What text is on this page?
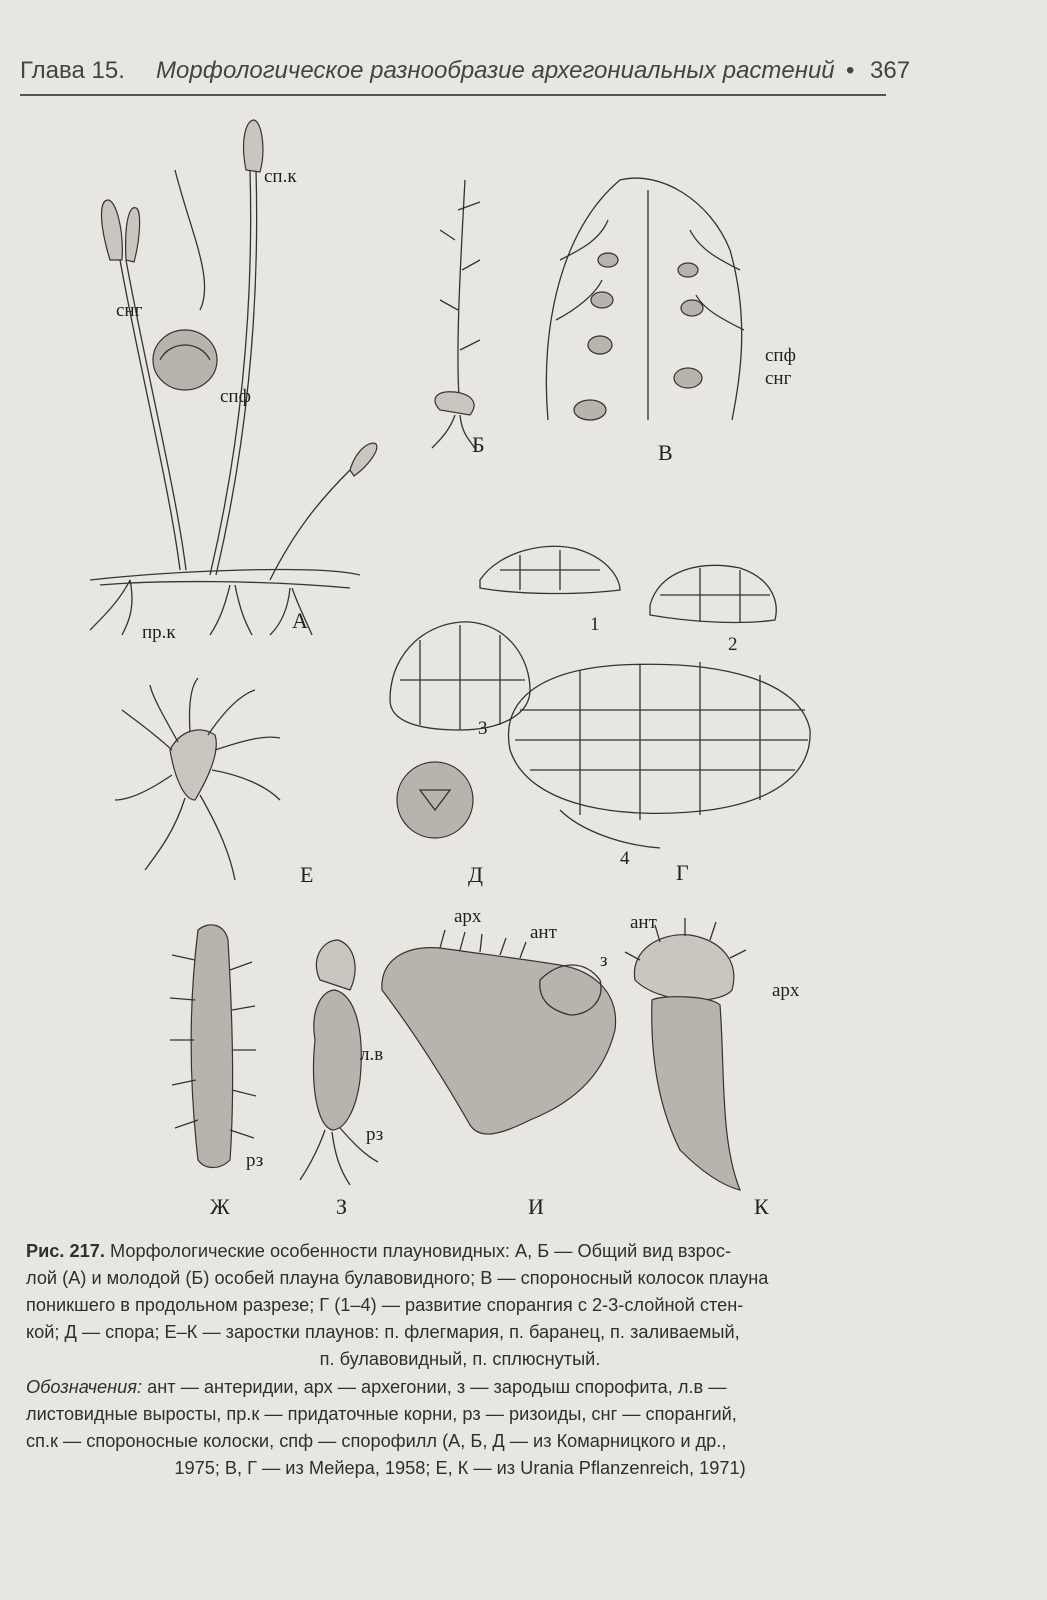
Глава 15. Морфологическое разнообразие архегониальных растений • 367
сп.к
снг
спф
пр.к	А
Б
спф
снг
В
1
2
3
4
Г
Д
Е
рз
Ж
л.в
рз
З
арх
ант
з
И
ант
арх
К

Рис. 217. Морфологические особенности плауновидных: А, Б — Общий вид взрос-

лой (А) и молодой (Б) особей плауна булавовидного; В — спороносный колосок плауна

поникшего в продольном разрезе; Г (1–4) — развитие спорангия с 2-3-слойной стен-

кой; Д — спора; Е–К — заростки плаунов: п. флегмария, п. баранец, п. заливаемый,

п. булавовидный, п. сплюснутый.

Обозначения: ант — антеридии, арх — архегонии, з — зародыш спорофита, л.в —

листовидные выросты, пр.к — придаточные корни, рз — ризоиды, снг — спорангий,

сп.к — спороносные колоски, спф — спорофилл (А, Б, Д — из Комарницкого и др.,

1975; В, Г — из Мейера, 1958; Е, К — из Urania Pflanzenreich, 1971)
